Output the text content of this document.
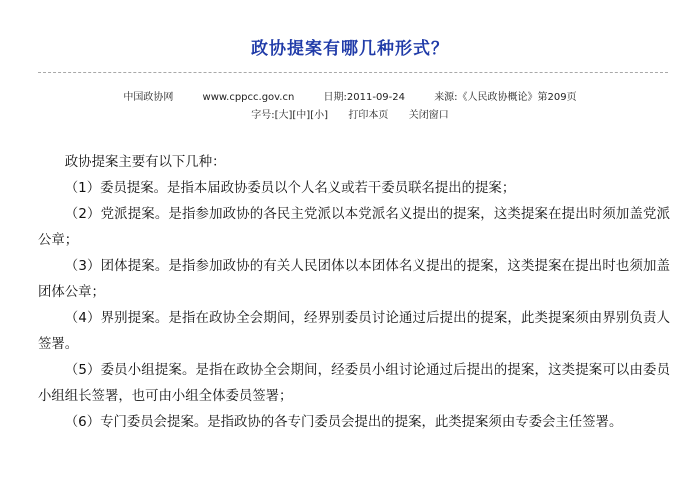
政协提案有哪几种形式？
中国政协网	www.cppcc.gov.cn	日期:2011-09-24	来源:《人民政协概论》第209页
字号:[大][中][小] 打印本页 关闭窗口

政协提案主要有以下几种：

（1）委员提案。是指本届政协委员以个人名义或若干委员联名提出的提案；

（2）党派提案。是指参加政协的各民主党派以本党派名义提出的提案，这类提案在提出时须加盖党派公章；

（3）团体提案。是指参加政协的有关人民团体以本团体名义提出的提案，这类提案在提出时也须加盖团体公章；

（4）界别提案。是指在政协全会期间，经界别委员讨论通过后提出的提案，此类提案须由界别负责人签署。

（5）委员小组提案。是指在政协全会期间，经委员小组讨论通过后提出的提案，这类提案可以由委员小组组长签署，也可由小组全体委员签署；

（6）专门委员会提案。是指政协的各专门委员会提出的提案，此类提案须由专委会主任签署。
